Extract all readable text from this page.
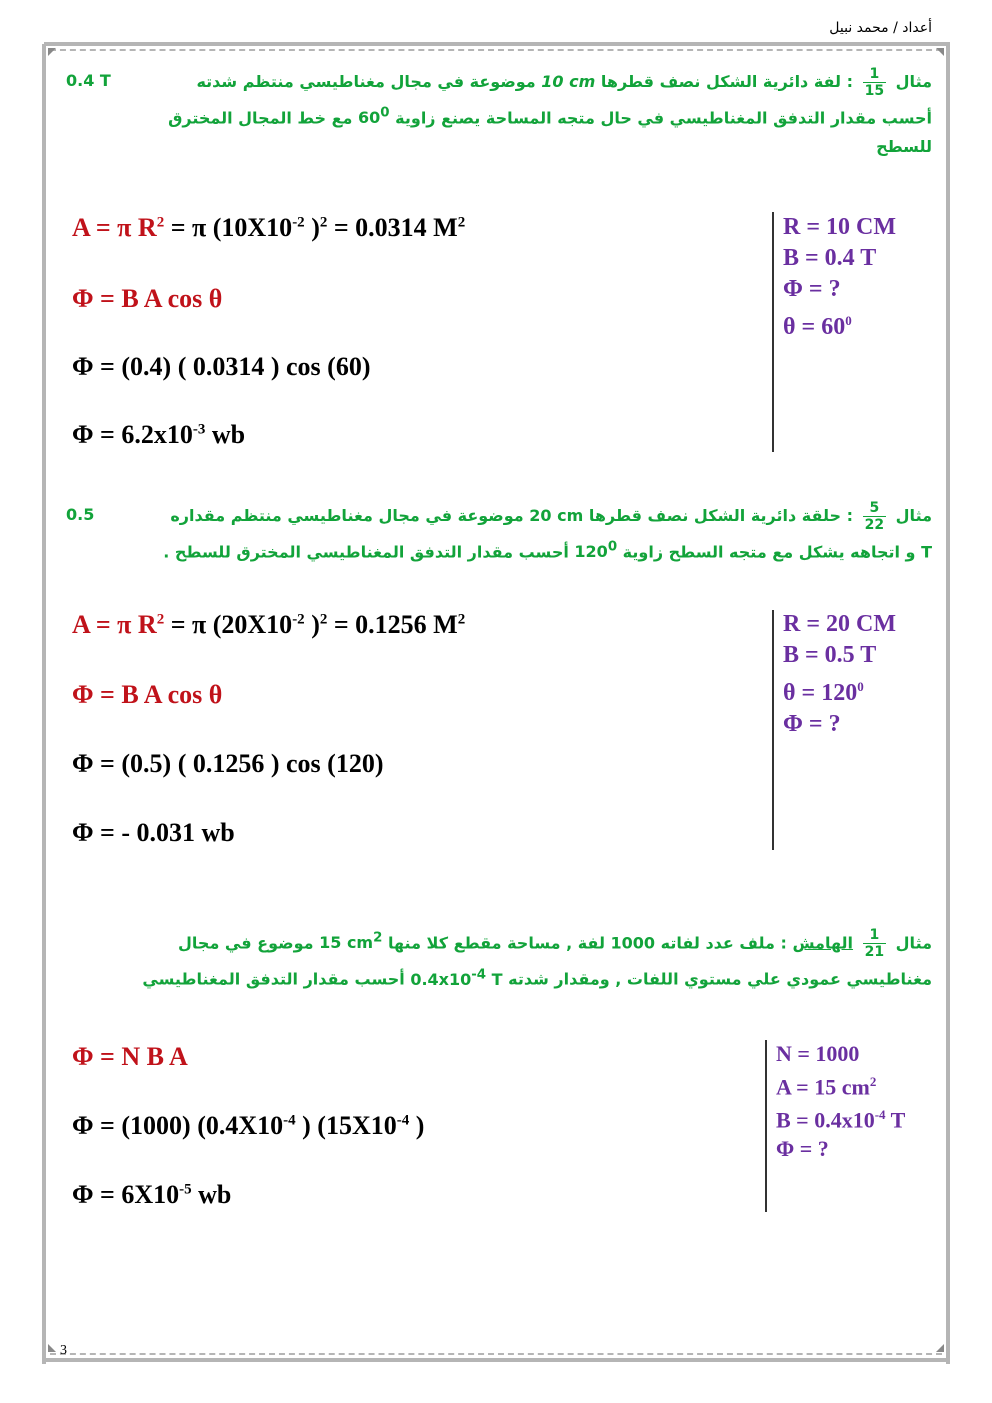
أعداد / محمد نبيل
مثال
$\frac{1}{15}$
: لفة دائرية الشكل نصف قطرها 10 cm موضوعة في مجال مغناطيسي منتظم شدته
0.4 T
أحسب مقدار التدفق المغناطيسي في حال متجه المساحة يصنع زاوية $60^0$ مع خط المجال المخترق
للسطح
A = π $R^2 = \pi$ ($10X10^{-2}$ )$^2$ = 0.0314 $M^2$
Φ = B A cos θ
Φ = (0.4) ( 0.0314 ) cos (60)
$\Phi = 6.2x10^{-3}$ wb
R = 10 CM
B = 0.4 T
Φ = ?
$\theta = 60^0$
مثال
$\frac{5}{22}$
: حلقة دائرية الشكل نصف قطرها 20 cm موضوعة في مجال مغناطيسي منتظم مقداره
0.5
T و اتجاهه يشكل مع متجه السطح زاوية $120^0$ أحسب مقدار التدفق المغناطيسي المخترق للسطح .
A = π $R^2 = \pi$ ($20X10^{-2}$ )$^2$ = 0.1256 $M^2$
Φ = B A cos θ
Φ = (0.5) ( 0.1256 ) cos (120)
Φ = - 0.031 wb
R = 20 CM
B = 0.5 T
$\theta = 120^0$
Φ = ?
مثال
$\frac{1}{21}$
الهامش : ملف عدد لفاته 1000 لفة , مساحة مقطع كلا منها 15 $cm^2$ موضوع في مجال
مغناطيسي عمودي علي مستوي اللفات , ومقدار شدته $0.4x10^{-4}$ T أحسب مقدار التدفق المغناطيسي
Φ = N B A
Φ = (1000) ($0.4X10^{-4}$ ) ($15X10^{-4}$ )
$\Phi = 6X10^{-5}$ wb
N = 1000
A = 15 $cm^2$
$B = 0.4x10^{-4}$ T
Φ = ?
3
